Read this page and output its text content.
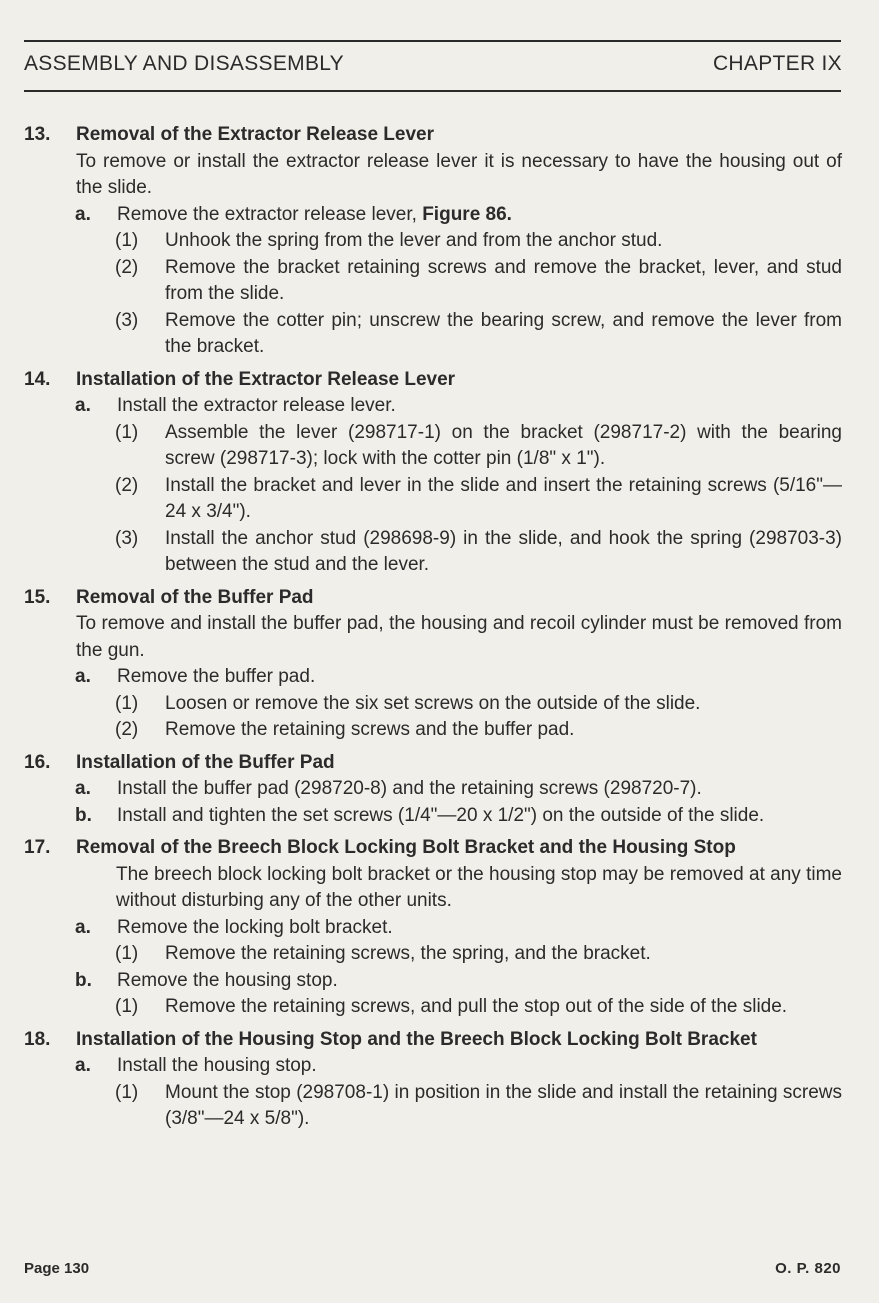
ASSEMBLY AND DISASSEMBLY	CHAPTER IX
13. Removal of the Extractor Release Lever
To remove or install the extractor release lever it is necessary to have the housing out of the slide.
a. Remove the extractor release lever, Figure 86.
(1) Unhook the spring from the lever and from the anchor stud.
(2) Remove the bracket retaining screws and remove the bracket, lever, and stud from the slide.
(3) Remove the cotter pin; unscrew the bearing screw, and remove the lever from the bracket.
14. Installation of the Extractor Release Lever
a. Install the extractor release lever.
(1) Assemble the lever (298717-1) on the bracket (298717-2) with the bearing screw (298717-3); lock with the cotter pin (1/8" x 1").
(2) Install the bracket and lever in the slide and insert the retaining screws (5/16"—24 x 3/4").
(3) Install the anchor stud (298698-9) in the slide, and hook the spring (298703-3) between the stud and the lever.
15. Removal of the Buffer Pad
To remove and install the buffer pad, the housing and recoil cylinder must be removed from the gun.
a. Remove the buffer pad.
(1) Loosen or remove the six set screws on the outside of the slide.
(2) Remove the retaining screws and the buffer pad.
16. Installation of the Buffer Pad
a. Install the buffer pad (298720-8) and the retaining screws (298720-7).
b. Install and tighten the set screws (1/4"—20 x 1/2") on the outside of the slide.
17. Removal of the Breech Block Locking Bolt Bracket and the Housing Stop
The breech block locking bolt bracket or the housing stop may be removed at any time without disturbing any of the other units.
a. Remove the locking bolt bracket.
(1) Remove the retaining screws, the spring, and the bracket.
b. Remove the housing stop.
(1) Remove the retaining screws, and pull the stop out of the side of the slide.
18. Installation of the Housing Stop and the Breech Block Locking Bolt Bracket
a. Install the housing stop.
(1) Mount the stop (298708-1) in position in the slide and install the retaining screws (3/8"—24 x 5/8").
Page 130	O. P. 820
